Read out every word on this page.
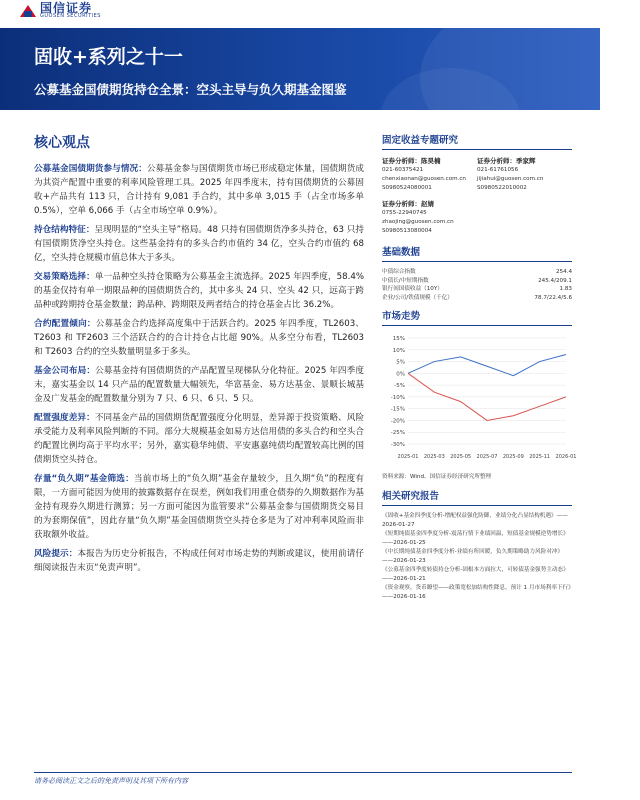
国信证券
GUOSEN SECURITIES
固收+系列之十一
公募基金国债期货持仓全景：空头主导与负久期基金图鉴
核心观点
公募基金国债期货参与情况：公募基金参与国债期货市场已形成稳定体量，国债期货成为其资产配置中重要的利率风险管理工具。2025 年四季度末，持有国债期货的公募固收+产品共有 113 只，合计持有 9,081 手合约，其中多单 3,015 手（占全市场多单 0.5%），空单 6,066 手（占全市场空单 0.9%）。
持仓结构特征：呈现明显的“空头主导”格局。48 只持有国债期货净多头持仓，63 只持有国债期货净空头持仓。这些基金持有的多头合约市值约 34 亿，空头合约市值约 68 亿，空头持仓规模市值总体大于多头。
交易策略选择：单一品种空头持仓策略为公募基金主流选择。2025 年四季度，58.4%的基金仅持有单一期限品种的国债期货合约，其中多头 24 只、空头 42 只，远高于跨品种或跨期持仓基金数量；跨品种、跨期限及两者结合的持仓基金占比 36.2%。
合约配置倾向：公募基金合约选择高度集中于活跃合约。2025 年四季度，TL2603、T2603 和 TF2603 三个活跃合约的合计持仓占比超 90%。从多空分布看，TL2603 和 T2603 合约的空头数量明显多于多头。
基金公司布局：公募基金持有国债期货的产品配置呈现梯队分化特征。2025 年四季度末，嘉实基金以 14 只产品的配置数量大幅领先，华富基金、易方达基金、景顺长城基金及广发基金的配置数量分别为 7 只、6 只、6 只、5 只。
配置强度差异：不同基金产品的国债期货配置强度分化明显，差异源于投资策略、风险承受能力及利率风险判断的不同。部分大规模基金如易方达信用债的多头合约和空头合约配置比例均高于平均水平；另外，嘉实稳华纯债、平安惠嘉纯债均配置较高比例的国债期货空头持仓。
存量“负久期”基金筛选：当前市场上的“负久期”基金存量较少，且久期“负”的程度有限，一方面可能因为使用的披露数据存在误差，例如我们用重仓债券的久期数据作为基金持有现券久期进行测算；另一方面可能因为监管要求“公募基金参与国债期货交易目的为套期保值”，因此存量“负久期”基金国债期货空头持仓多是为了对冲利率风险而非获取额外收益。
风险提示：本报告为历史分析报告，不构成任何对市场走势的判断或建议，使用前请仔细阅读报告末页“免责声明”。
固定收益专题研究
证券分析师：陈昊楠
021-60375421
chenxiaonan@guosen.com.cn
S0980524080001
证券分析师：季家辉
021-61761056
jijiahui@guosen.com.cn
S0980522010002
证券分析师：赵婧
0755-22940745
zhaojing@guosen.com.cn
S0980513080004
基础数据
中债综合指数	254.4
中债长/中短期指数	245.4/209.1
银行间国债收益（10Y）	1.83
企业/公司/铁债规模（千亿）	78.7/22.4/5.6
市场走势
15%
10%
5%
0%
-5%
-10%
-15%
-20%
-25%
-30%
2025-01 2025-03 2025-05 2025-07 2025-09 2025-11 2026-01
资料来源：Wind、国信证券经济研究所整理
相关研究报告
《固收+基金四季度分析-增配权益强化防御，业绩分化凸显结构机遇》——2026-01-27
《短期纯债基金四季度分析-震荡行情下业绩回温，短债基金规模逆势增长》——2026-01-25
《中长期纯债基金四季度分析-业绩有所回暖，负久期策略助力风险对冲》——2026-01-23
《公募基金四季度转债持仓分析-固根本方面拉大，可转债基金强势主动态》——2026-01-21
《资金观察，货币瞭望——政策宽松加结构性降息，预计 1 月市场利率下行》——2026-01-16
请务必阅读正文之后的免责声明及其项下所有内容
